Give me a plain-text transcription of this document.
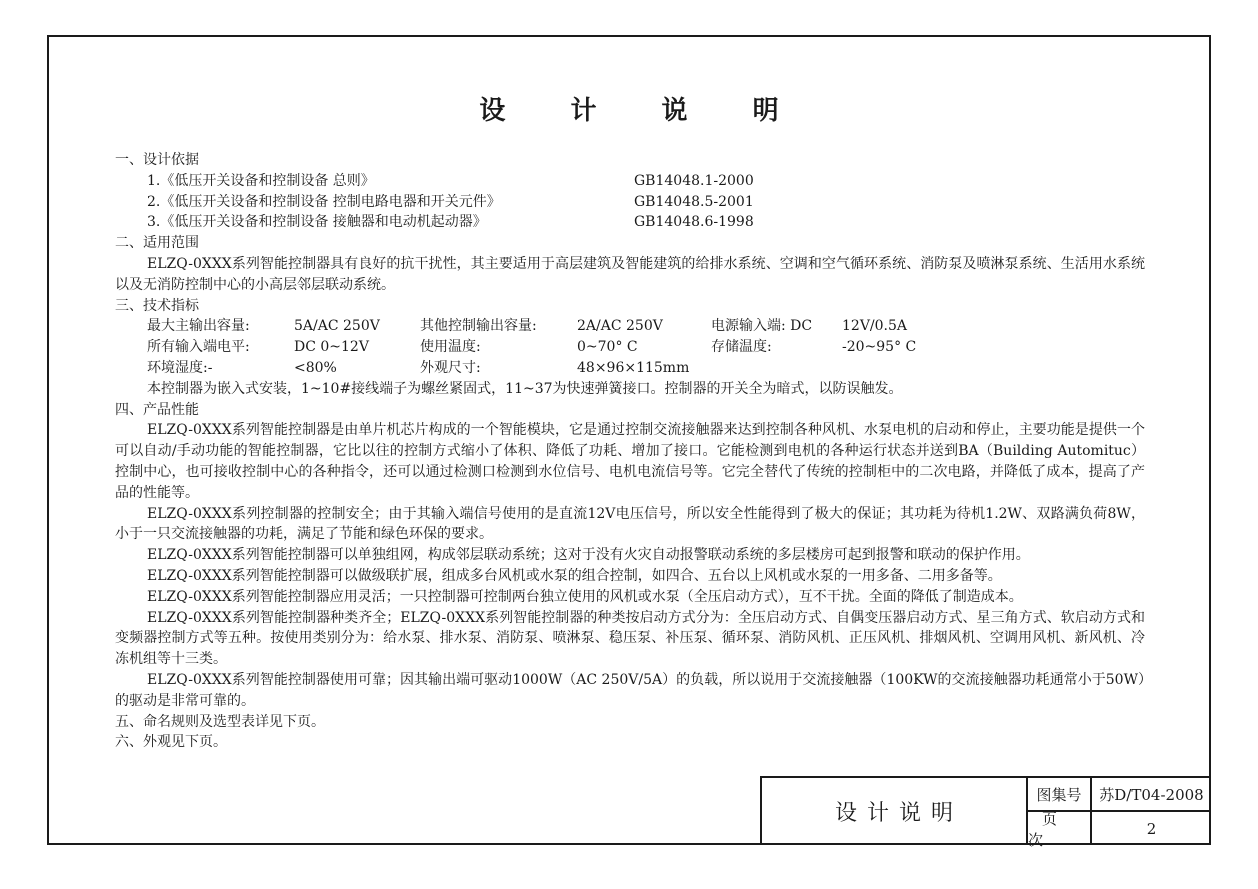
设 计 说 明
一、设计依据
1.《低压开关设备和控制设备 总则》	GB14048.1-2000
2.《低压开关设备和控制设备 控制电路电器和开关元件》	GB14048.5-2001
3.《低压开关设备和控制设备 接触器和电动机起动器》	GB14048.6-1998
二、适用范围
ELZQ-0XXX系列智能控制器具有良好的抗干扰性，其主要适用于高层建筑及智能建筑的给排水系统、空调和空气循环系统、消防泵及喷淋泵系统、生活用水系统以及无消防控制中心的小高层邻层联动系统。
三、技术指标
最大主输出容量:	5A/AC 250V	其他控制输出容量:	2A/AC 250V	电源输入端: DC 12V/0.5A
所有输入端电平:	DC 0~12V	使用温度:	0~70° C	存储温度:	-20~95° C
环境湿度:-	<80%	外观尺寸:	48×96×115mm
本控制器为嵌入式安装，1~10#接线端子为螺丝紧固式，11~37为快速弹簧接口。控制器的开关全为暗式，以防误触发。
四、产品性能
ELZQ-0XXX系列智能控制器是由单片机芯片构成的一个智能模块，它是通过控制交流接触器来达到控制各种风机、水泵电机的启动和停止，主要功能是提供一个可以自动/手动功能的智能控制器，它比以往的控制方式缩小了体积、降低了功耗、增加了接口。它能检测到电机的各种运行状态并送到BA（Building Automituc）控制中心，也可接收控制中心的各种指令，还可以通过检测口检测到水位信号、电机电流信号等。它完全替代了传统的控制柜中的二次电路，并降低了成本，提高了产品的性能等。
ELZQ-0XXX系列控制器的控制安全；由于其输入端信号使用的是直流12V电压信号，所以安全性能得到了极大的保证；其功耗为待机1.2W、双路满负荷8W， 小于一只交流接触器的功耗，满足了节能和绿色环保的要求。
ELZQ-0XXX系列智能控制器可以单独组网，构成邻层联动系统；这对于没有火灾自动报警联动系统的多层楼房可起到报警和联动的保护作用。
ELZQ-0XXX系列智能控制器可以做级联扩展，组成多台风机或水泵的组合控制，如四合、五台以上风机或水泵的一用多备、二用多备等。
ELZQ-0XXX系列智能控制器应用灵活；一只控制器可控制两台独立使用的风机或水泵（全压启动方式），互不干扰。全面的降低了制造成本。
ELZQ-0XXX系列智能控制器种类齐全；ELZQ-0XXX系列智能控制器的种类按启动方式分为：全压启动方式、自偶变压器启动方式、星三角方式、软启动方式和变频器控制方式等五种。按使用类别分为：给水泵、排水泵、消防泵、喷淋泵、稳压泵、补压泵、循环泵、消防风机、正压风机、排烟风机、空调用风机、新风机、冷冻机组等十三类。
ELZQ-0XXX系列智能控制器使用可靠；因其输出端可驱动1000W（AC 250V/5A）的负载，所以说用于交流接触器（100KW的交流接触器功耗通常小于50W）的驱动是非常可靠的。
五、命名规则及选型表详见下页。
六、外观见下页。
设计说明
图集号	苏D/T04-2008
页次
2
